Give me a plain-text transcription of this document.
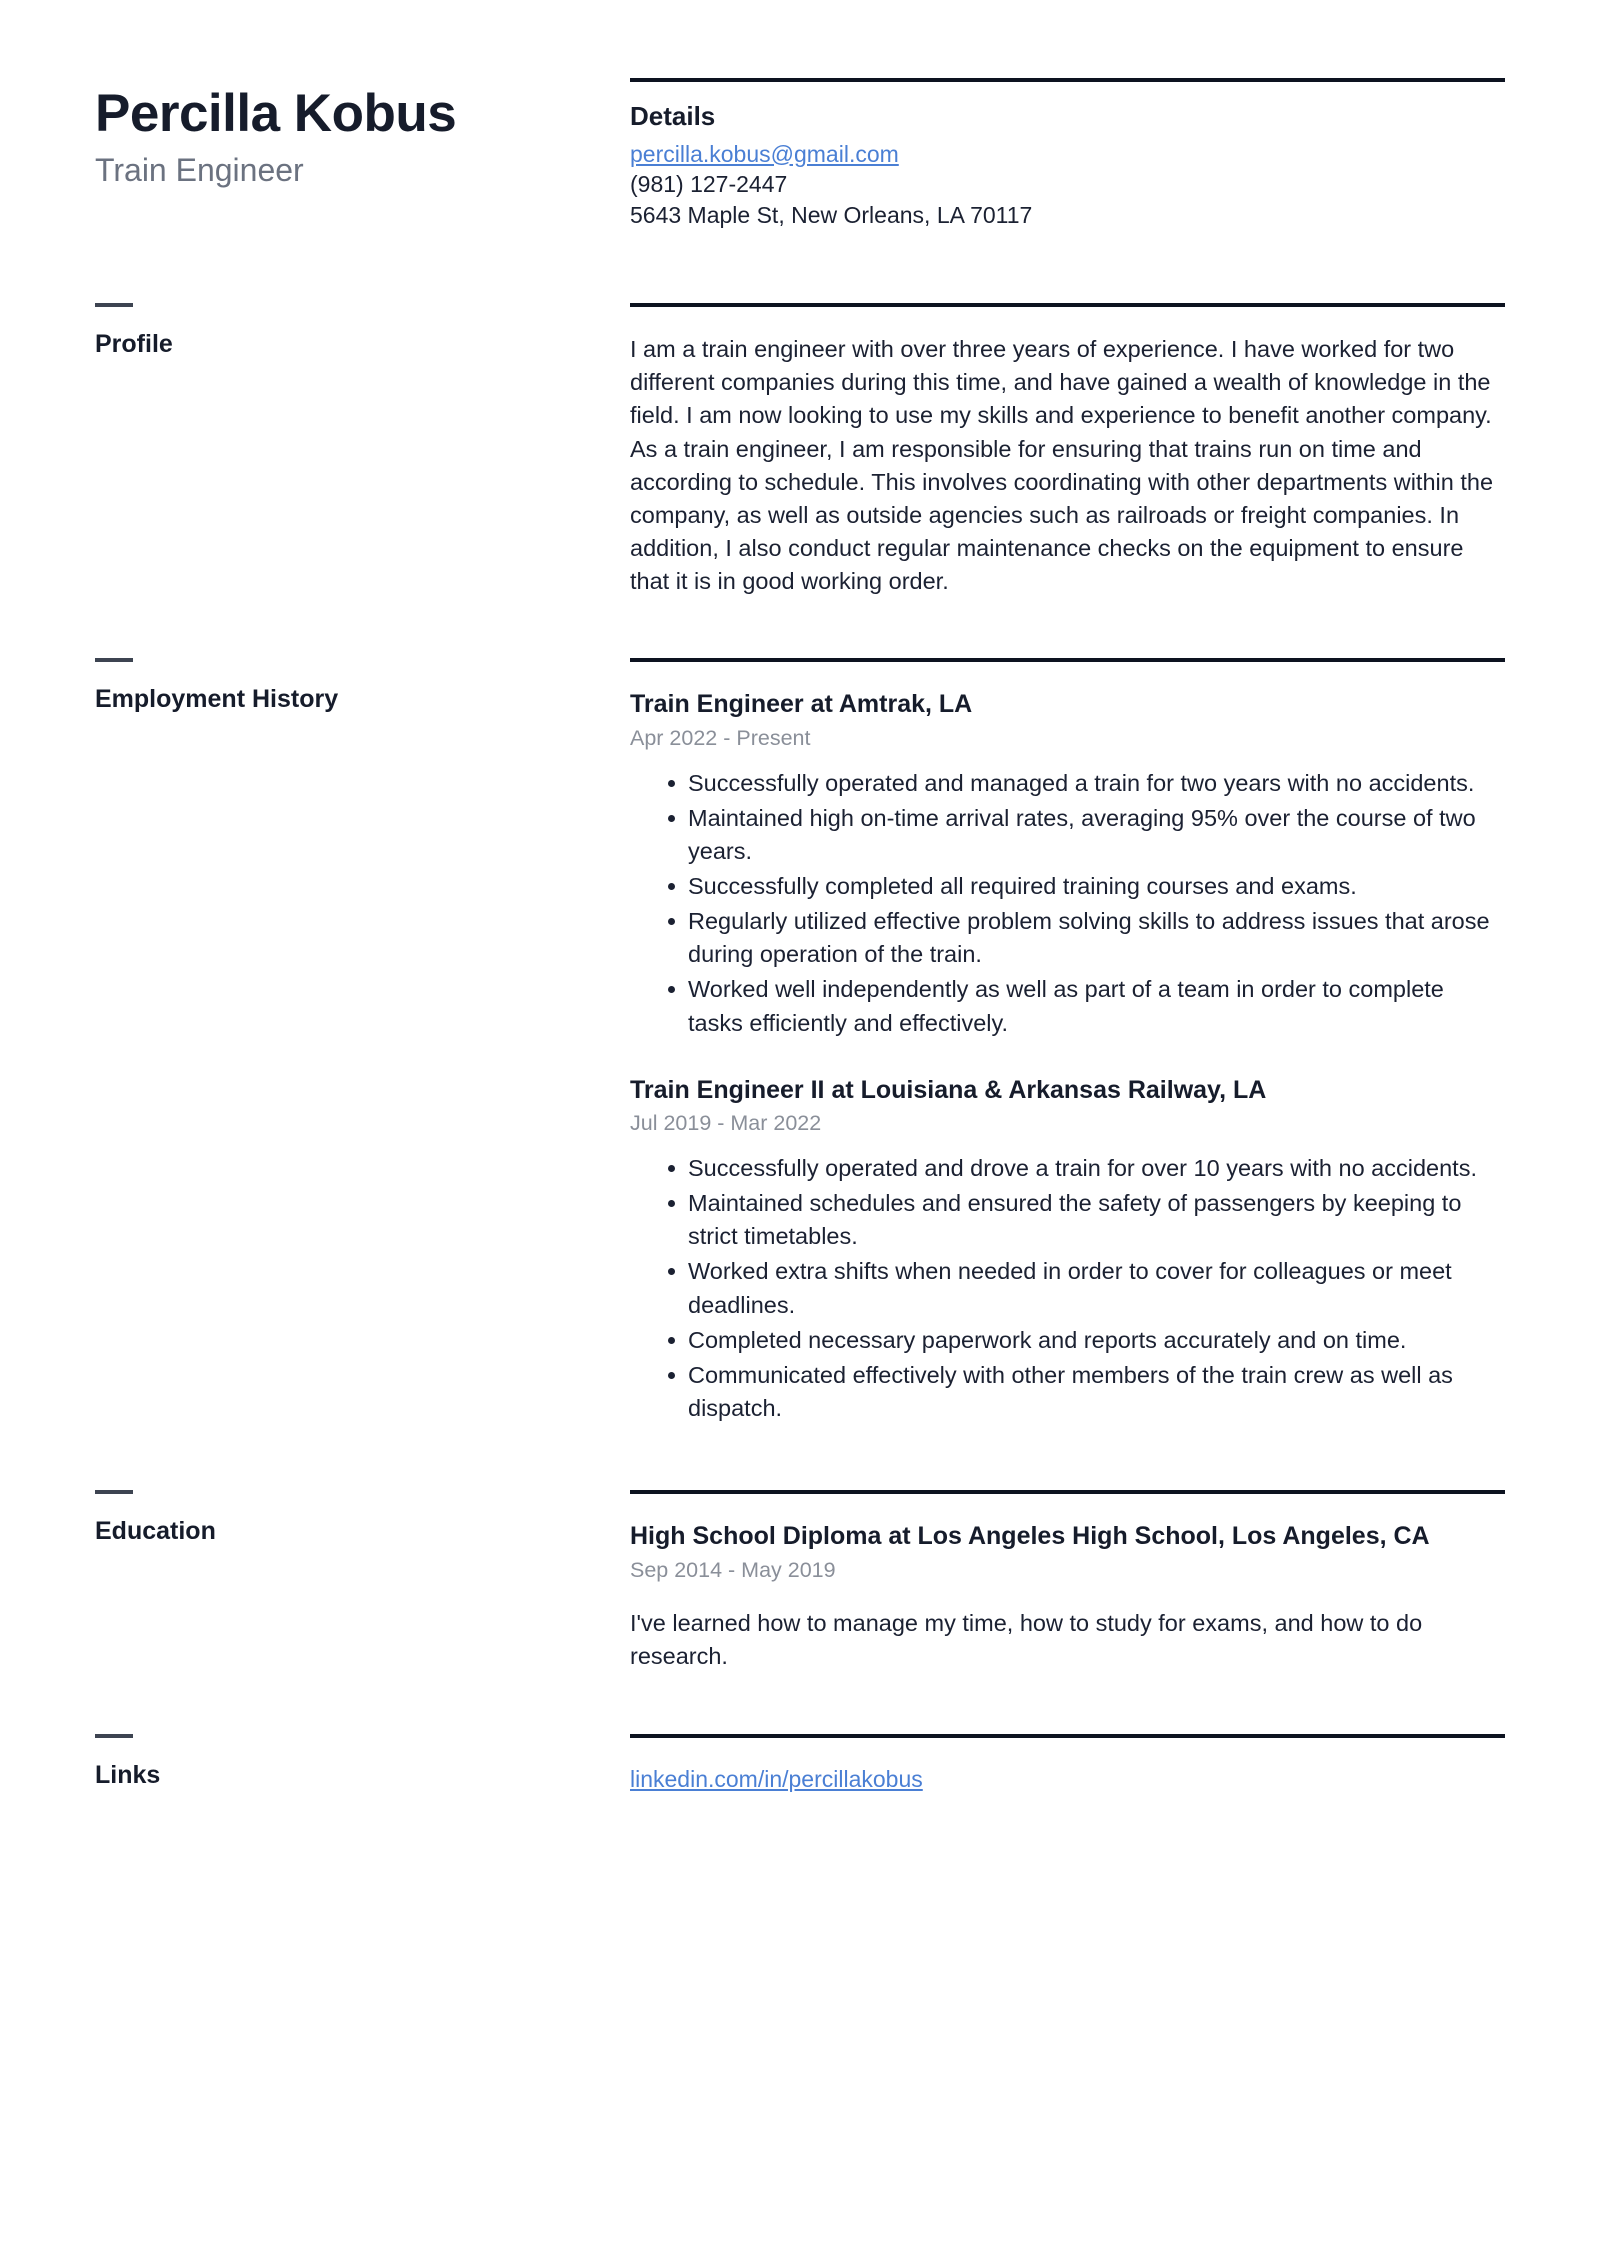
Percilla Kobus
Train Engineer
Details
percilla.kobus@gmail.com
(981) 127-2447
5643 Maple St, New Orleans, LA 70117
Profile	I am a train engineer with over three years of experience. I have worked for two different companies during this time, and have gained a wealth of knowledge in the field. I am now looking to use my skills and experience to benefit another company.

As a train engineer, I am responsible for ensuring that trains run on time and according to schedule. This involves coordinating with other departments within the company, as well as outside agencies such as railroads or freight companies. In addition, I also conduct regular maintenance checks on the equipment to ensure that it is in good working order.

Employment History	Train Engineer at Amtrak, LA
Apr 2022 - Present
Successfully operated and managed a train for two years with no accidents.
Maintained high on-time arrival rates, averaging 95% over the course of two years.
Successfully completed all required training courses and exams.
Regularly utilized effective problem solving skills to address issues that arose during operation of the train.
Worked well independently as well as part of a team in order to complete tasks efficiently and effectively.
Train Engineer II at Louisiana & Arkansas Railway, LA
Jul 2019 - Mar 2022
Successfully operated and drove a train for over 10 years with no accidents.
Maintained schedules and ensured the safety of passengers by keeping to strict timetables.
Worked extra shifts when needed in order to cover for colleagues or meet deadlines.
Completed necessary paperwork and reports accurately and on time.
Communicated effectively with other members of the train crew as well as dispatch.
Education	High School Diploma at Los Angeles High School, Los Angeles, CA
Sep 2014 - May 2019
I've learned how to manage my time, how to study for exams, and how to do research.
Links	linkedin.com/in/percillakobus
